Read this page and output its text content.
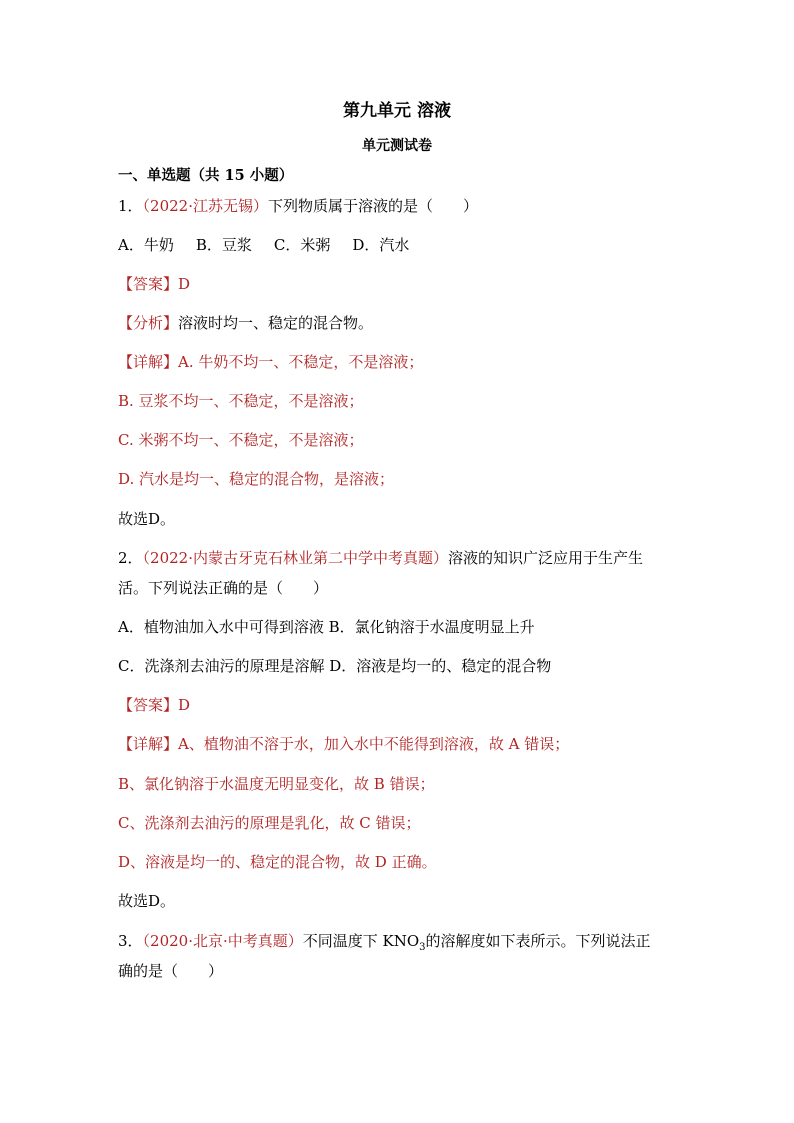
第九单元 溶液
单元测试卷
一、单选题（共 15 小题）
1．（2022·江苏无锡）下列物质属于溶液的是（　　）
A．牛奶 B．豆浆 C．米粥 D．汽水
【答案】D
【分析】溶液时均一、稳定的混合物。
【详解】A. 牛奶不均一、不稳定，不是溶液；
B. 豆浆不均一、不稳定，不是溶液；
C. 米粥不均一、不稳定，不是溶液；
D. 汽水是均一、稳定的混合物，是溶液；
故选D。
2．（2022·内蒙古牙克石林业第二中学中考真题）溶液的知识广泛应用于生产生
活。下列说法正确的是（　　）
A．植物油加入水中可得到溶液 B．氯化钠溶于水温度明显上升
C．洗涤剂去油污的原理是溶解 D．溶液是均一的、稳定的混合物
【答案】D
【详解】A、植物油不溶于水，加入水中不能得到溶液，故 A 错误；
B、氯化钠溶于水温度无明显变化，故 B 错误；
C、洗涤剂去油污的原理是乳化，故 C 错误；
D、溶液是均一的、稳定的混合物，故 D 正确。
故选D。
3．（2020·北京·中考真题）不同温度下 $KNO_3$的溶解度如下表所示。下列说法正
确的是（　　）
